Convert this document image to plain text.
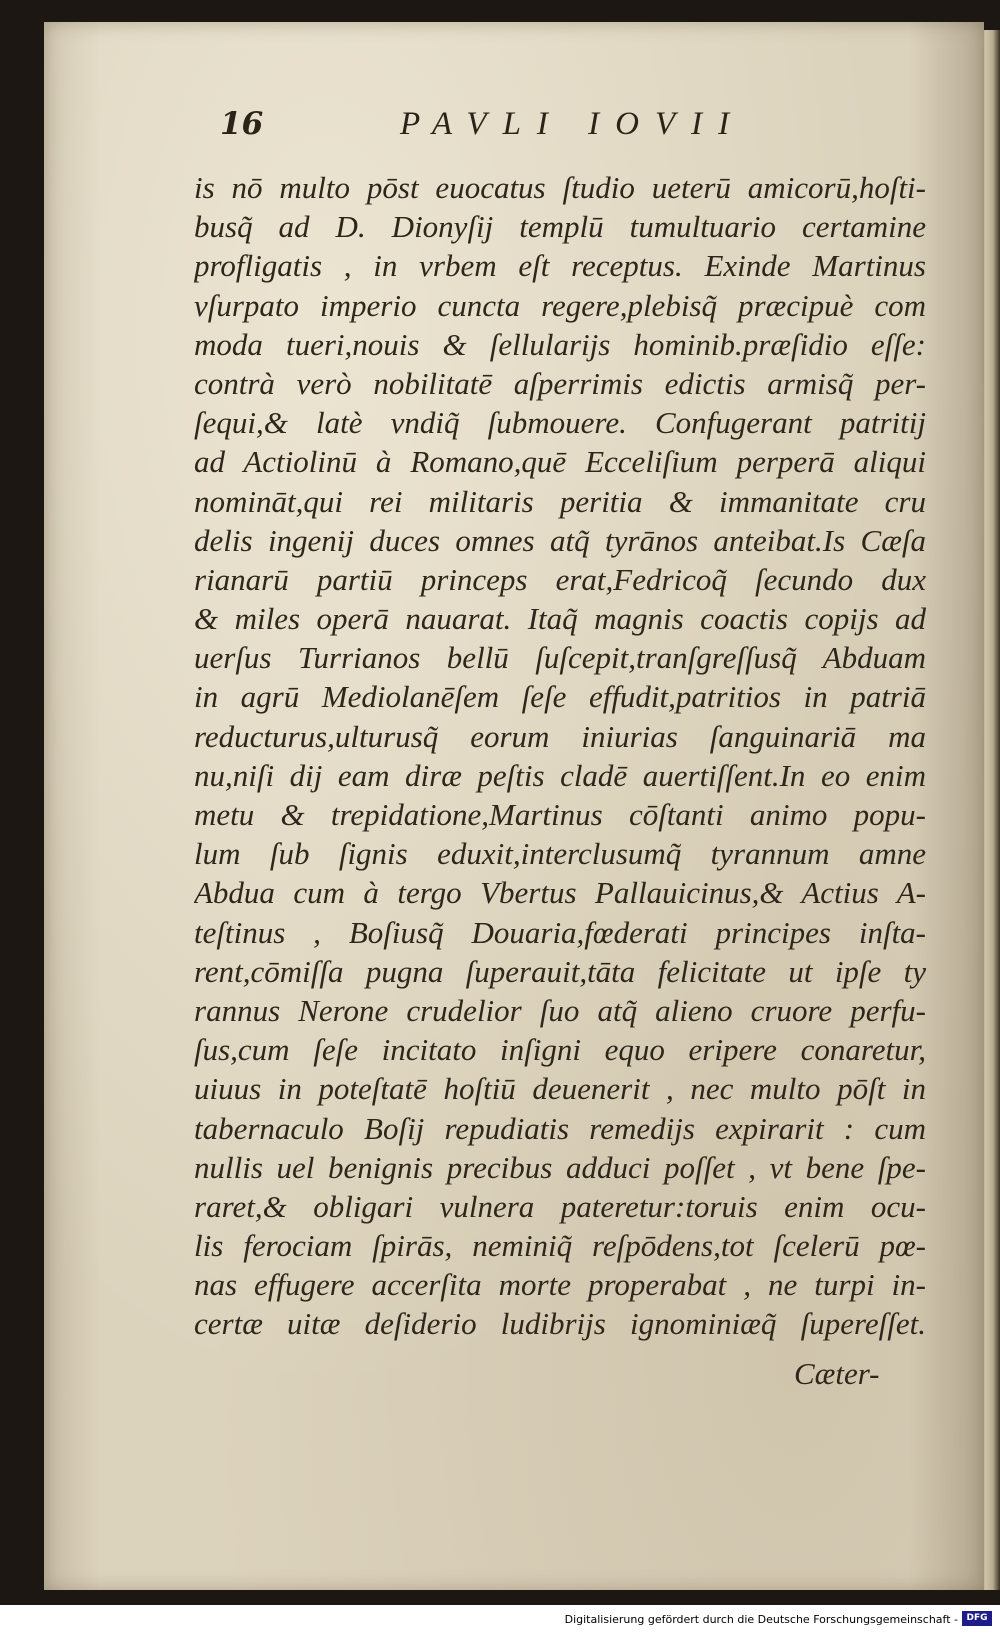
16	PAVLI IOVII
is nō multo pōst euocatus ſtudio ueterū amicorū,hoſti-
busq̃ ad D. Dionyſij templū tumultuario certamine
profligatis , in vrbem eſt receptus. Exinde Martinus
vſurpato imperio cuncta regere,plebisq̃ præcipuè com
moda tueri,nouis & ſellularijs hominib.præſidio eſſe:
contrà verò nobilitatē aſperrimis edictis armisq̃ per-
ſequi,& latè vndiq̃ ſubmouere. Confugerant patritij
ad Actiolinū à Romano,quē Ecceliſium perperā aliqui
nomināt,qui rei militaris peritia & immanitate cru
delis ingenij duces omnes atq̃ tyrānos anteibat.Is Cæſa
rianarū partiū princeps erat,Fedricoq̃ ſecundo dux
& miles operā nauarat. Itaq̃ magnis coactis copijs ad
uerſus Turrianos bellū ſuſcepit,tranſgreſſusq̃ Abduam
in agrū Mediolanēſem ſeſe effudit,patritios in patriā
reducturus,ulturusq̃ eorum iniurias ſanguinariā ma
nu,niſi dij eam diræ peſtis cladē auertiſſent.In eo enim
metu & trepidatione,Martinus cōſtanti animo popu-
lum ſub ſignis eduxit,interclusumq̃ tyrannum amne
Abdua cum à tergo Vbertus Pallauicinus,& Actius A-
teſtinus , Boſiusq̃ Douaria,fœderati principes inſta-
rent,cōmiſſa pugna ſuperauit,tāta felicitate ut ipſe ty
rannus Nerone crudelior ſuo atq̃ alieno cruore perfu-
ſus,cum ſeſe incitato inſigni equo eripere conaretur,
uiuus in poteſtatē hoſtiū deuenerit , nec multo pōſt in
tabernaculo Boſij repudiatis remedijs expirarit : cum
nullis uel benignis precibus adduci poſſet , vt bene ſpe-
raret,& obligari vulnera pateretur:toruis enim ocu-
lis ferociam ſpirās, neminiq̃ reſpōdens,tot ſcelerū pœ-
nas effugere accerſita morte properabat , ne turpi in-
certæ uitæ deſiderio ludibrijs ignominiæq̃ ſupereſſet.
Cæter-
Digitalisierung gefördert durch die Deutsche Forschungsgemeinschaft - DFG
